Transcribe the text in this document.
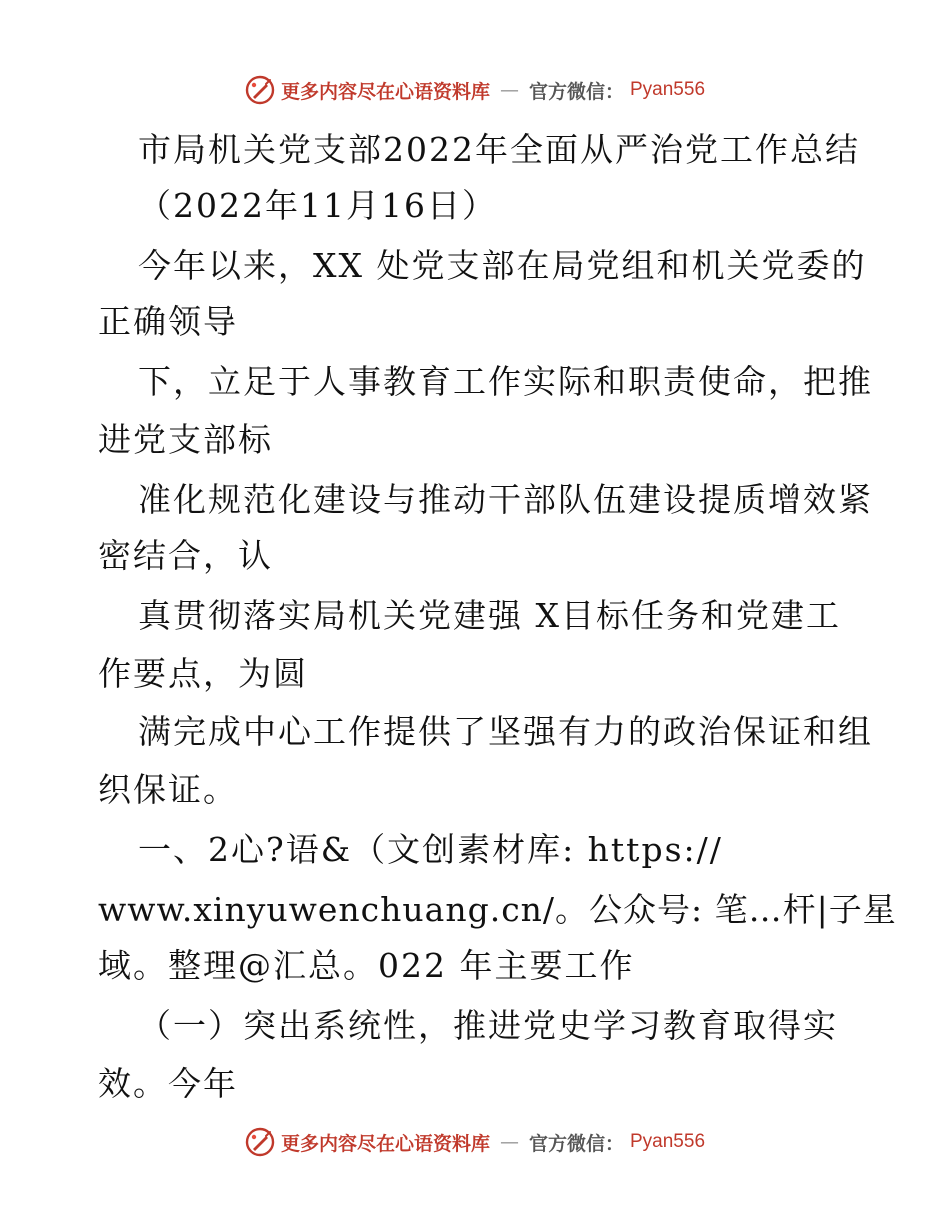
更多内容尽在心语资料库 — 官方微信： Pyan556
市局机关党支部2022年全面从严治党工作总结
（2022年11月16日）
今年以来，XX 处党支部在局党组和机关党委的
正确领导
下，立足于人事教育工作实际和职责使命，把推
进党支部标
准化规范化建设与推动干部队伍建设提质增效紧
密结合，认
真贯彻落实局机关党建强 X目标任务和党建工
作要点，为圆
满完成中心工作提供了坚强有力的政治保证和组
织保证。
一、2心?语&（文创素材库: https://
www.xinyuwenchuang.cn/。公众号: 笔…杆|子星
域。整理@汇总。022 年主要工作
（一）突出系统性，推进党史学习教育取得实
效。今年
更多内容尽在心语资料库 — 官方微信： Pyan556
